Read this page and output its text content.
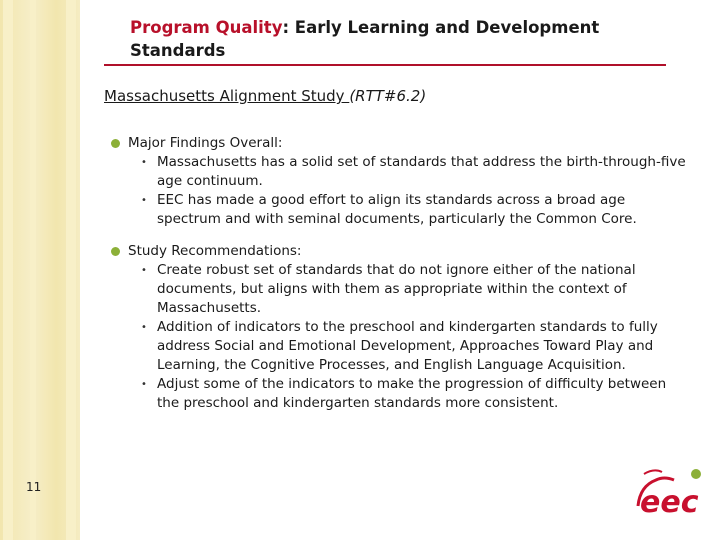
Program Quality: Early Learning and Development Standards
Massachusetts Alignment Study (RTT#6.2)

Major Findings Overall:

• Massachusetts has a solid set of standards that address the birth-through-five age continuum.

• EEC has made a good effort to align its standards across a broad age spectrum and with seminal documents, particularly the Common Core.

Study Recommendations:

• Create robust set of standards that do not ignore either of the national documents, but aligns with them as appropriate within the context of Massachusetts.

• Addition of indicators to the preschool and kindergarten standards to fully address Social and Emotional Development, Approaches Toward Play and Learning, the Cognitive Processes, and English Language Acquisition.

• Adjust some of the indicators to make the progression of difficulty between the preschool and kindergarten standards more consistent.

11	eec
